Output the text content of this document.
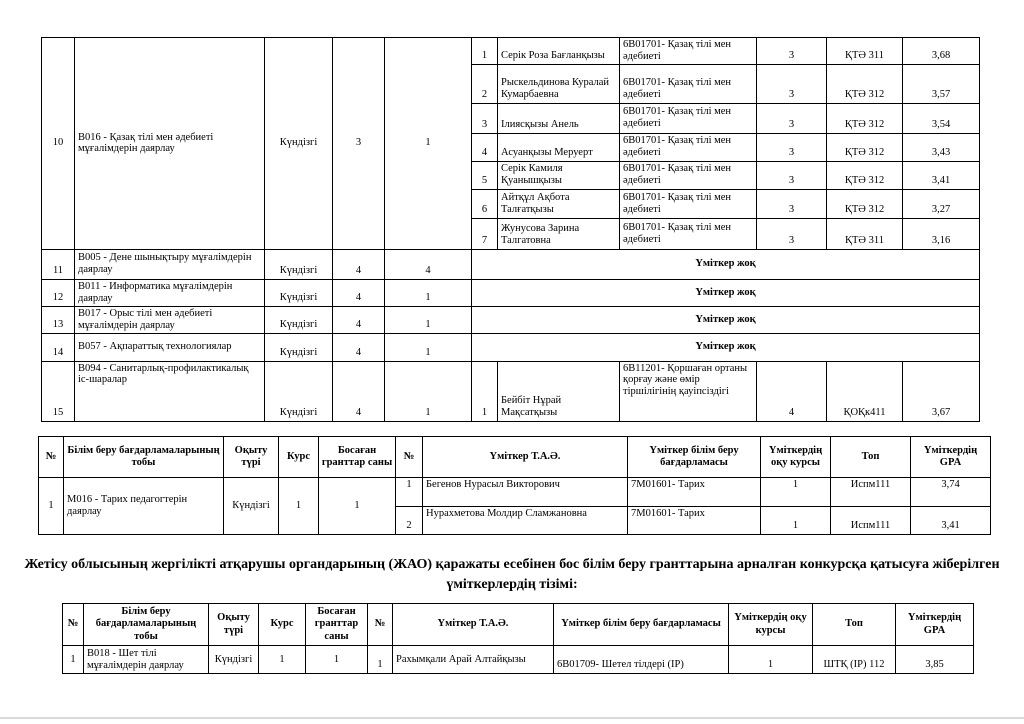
10	B016 - Қазақ тілі мен әдебиеті мұғалімдерін даярлау	Күндізгі	3	1	1	Серік Роза Бағланқызы	6B01701- Қазақ тілі мен әдебиеті	3	ҚТӘ 311	3,68
					2	Рыскельдинова Куралай Кумарбаевна	6B01701- Қазақ тілі мен әдебиеті	3	ҚТӘ 312	3,57
					3	Ілиясқызы Анель	6B01701- Қазақ тілі мен әдебиеті	3	ҚТӘ 312	3,54
					4	Асуанқызы Меруерт	6B01701- Қазақ тілі мен әдебиеті	3	ҚТӘ 312	3,43
					5	Серік Камиля Қуанышқызы	6B01701- Қазақ тілі мен әдебиеті	3	ҚТӘ 312	3,41
					6	Айтқұл Ақбота Талғатқызы	6B01701- Қазақ тілі мен әдебиеті	3	ҚТӘ 312	3,27
					7	Жунусова Зарина Талгатовна	6B01701- Қазақ тілі мен әдебиеті	3	ҚТӘ 311	3,16
11	B005 - Дене шынықтыру мұғалімдерін даярлау	Күндізгі	4	4	Үміткер жоқ					
12	B011 - Информатика мұғалімдерін даярлау	Күндізгі	4	1	Үміткер жоқ					
13	B017 - Орыс тілі мен әдебиеті мұғалімдерін даярлау	Күндізгі	4	1	Үміткер жоқ					
14	B057 - Ақпараттық технологиялар	Күндізгі	4	1	Үміткер жоқ					
15	B094 - Санитарлық-профилактикалық іс-шаралар	Күндізгі	4	1	1	Бейбіт Нұрай Мақсатқызы	6B11201- Қоршаған ортаны қорғау және өмір тіршілігінің қауіпсіздігі	4	ҚОҚк411	3,67
№	Білім беру бағдарламаларының тобы	Оқыту түрі	Курс	Босаған гранттар саны	№	Үміткер Т.А.Ә.	Үміткер білім беру бағдарламасы	Үміткердің оқу курсы	Топ	Үміткердің GPA
1	М016 - Тарих педагогтерін даярлау	Күндізгі	1	1	1	Бегенов Нурасыл Викторович	7М01601- Тарих	1	Испм111	3,74
					2	Нурахметова Молдир Сламжановна	7М01601- Тарих	1	Испм111	3,41
Жетісу облысының жергілікті атқарушы органдарының (ЖАО) қаражаты есебінен бос білім беру гранттарына арналған конкурсқа қатысуға жіберілген үміткерлердің тізімі:
№	Білім беру бағдарламаларының тобы	Оқыту түрі	Курс	Босаған гранттар саны	№	Үміткер Т.А.Ә.	Үміткер білім беру бағдарламасы	Үміткердің оқу курсы	Топ	Үміткердің GPA
1	B018 - Шет тілі мұғалімдерін даярлау	Күндізгі	1	1	1	Рахымқали Арай Алтайқызы	6B01709- Шетел тілдері (ІР)	1	ШТҚ (ІР) 112	3,85
